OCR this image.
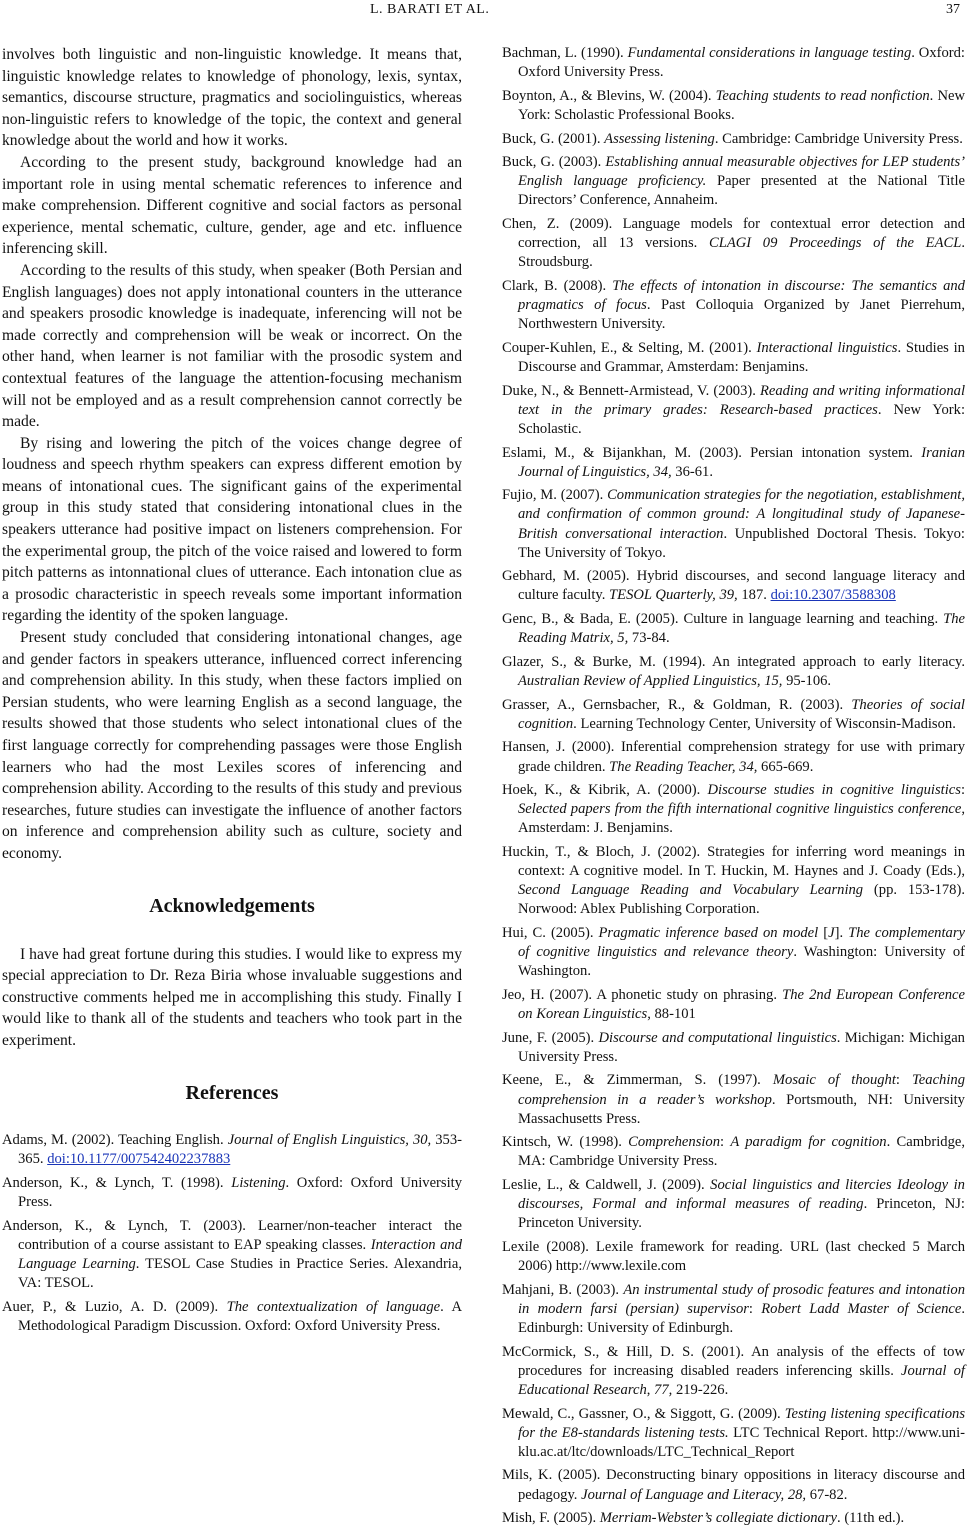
L. BARATI ET AL.	37

involves both linguistic and non-linguistic knowledge. It means that, linguistic knowledge relates to knowledge of phonology, lexis, syntax, semantics, discourse structure, pragmatics and sociolinguistics, whereas non-linguistic refers to knowledge of the topic, the context and general knowledge about the world and how it works.

According to the present study, background knowledge had an important role in using mental schematic references to inference and make comprehension. Different cognitive and social factors as personal experience, mental schematic, culture, gender, age and etc. influence inferencing skill.

According to the results of this study, when speaker (Both Persian and English languages) does not apply intonational counters in the utterance and speakers prosodic knowledge is inadequate, inferencing will not be made correctly and comprehension will be weak or incorrect. On the other hand, when learner is not familiar with the prosodic system and contextual features of the language the attention-focusing mechanism will not be employed and as a result comprehension cannot correctly be made.

By rising and lowering the pitch of the voices change degree of loudness and speech rhythm speakers can express different emotion by means of intonational cues. The significant gains of the experimental group in this study stated that considering intonational clues in the speakers utterance had positive impact on listeners comprehension. For the experimental group, the pitch of the voice raised and lowered to form pitch patterns as intonnational clues of utterance. Each intonation clue as a prosodic characteristic in speech reveals some important information regarding the identity of the spoken language.

Present study concluded that considering intonational changes, age and gender factors in speakers utterance, influenced correct inferencing and comprehension ability. In this study, when these factors implied on Persian students, who were learning English as a second language, the results showed that those students who select intonational clues of the first language correctly for comprehending passages were those English learners who had the most Lexiles scores of inferencing and comprehension ability. According to the results of this study and previous researches, future studies can investigate the influence of another factors on inference and comprehension ability such as culture, society and economy.

Acknowledgements

I have had great fortune during this studies. I would like to express my special appreciation to Dr. Reza Biria whose invaluable suggestions and constructive comments helped me in accomplishing this study. Finally I would like to thank all of the students and teachers who took part in the experiment.

References

Adams, M. (2002). Teaching English. Journal of English Linguistics, 30, 353-365. doi:10.1177/007542402237883

Anderson, K., & Lynch, T. (1998). Listening. Oxford: Oxford University Press.

Anderson, K., & Lynch, T. (2003). Learner/non-teacher interact the contribution of a course assistant to EAP speaking classes. Interaction and Language Learning. TESOL Case Studies in Practice Series. Alexandria, VA: TESOL.

Auer, P., & Luzio, A. D. (2009). The contextualization of language. A Methodological Paradigm Discussion. Oxford: Oxford University Press.

Bachman, L. (1990). Fundamental considerations in language testing. Oxford: Oxford University Press.

Boynton, A., & Blevins, W. (2004). Teaching students to read nonfiction. New York: Scholastic Professional Books.

Buck, G. (2001). Assessing listening. Cambridge: Cambridge University Press.

Buck, G. (2003). Establishing annual measurable objectives for LEP students’ English language proficiency. Paper presented at the National Title Directors’ Conference, Annaheim.

Chen, Z. (2009). Language models for contextual error detection and correction, all 13 versions. CLAGI 09 Proceedings of the EACL. Stroudsburg.

Clark, B. (2008). The effects of intonation in discourse: The semantics and pragmatics of focus. Past Colloquia Organized by Janet Pierrehum, Northwestern University.

Couper-Kuhlen, E., & Selting, M. (2001). Interactional linguistics. Studies in Discourse and Grammar, Amsterdam: Benjamins.

Duke, N., & Bennett-Armistead, V. (2003). Reading and writing informational text in the primary grades: Research-based practices. New York: Scholastic.

Eslami, M., & Bijankhan, M. (2003). Persian intonation system. Iranian Journal of Linguistics, 34, 36-61.

Fujio, M. (2007). Communication strategies for the negotiation, establishment, and confirmation of common ground: A longitudinal study of Japanese-British conversational interaction. Unpublished Doctoral Thesis. Tokyo: The University of Tokyo.

Gebhard, M. (2005). Hybrid discourses, and second language literacy and culture faculty. TESOL Quarterly, 39, 187. doi:10.2307/3588308

Genc, B., & Bada, E. (2005). Culture in language learning and teaching. The Reading Matrix, 5, 73-84.

Glazer, S., & Burke, M. (1994). An integrated approach to early literacy. Australian Review of Applied Linguistics, 15, 95-106.

Grasser, A., Gernsbacher, R., & Goldman, R. (2003). Theories of social cognition. Learning Technology Center, University of Wisconsin-Madison.

Hansen, J. (2000). Inferential comprehension strategy for use with primary grade children. The Reading Teacher, 34, 665-669.

Hoek, K., & Kibrik, A. (2000). Discourse studies in cognitive linguistics: Selected papers from the fifth international cognitive linguistics conference, Amsterdam: J. Benjamins.

Huckin, T., & Bloch, J. (2002). Strategies for inferring word meanings in context: A cognitive model. In T. Huckin, M. Haynes and J. Coady (Eds.), Second Language Reading and Vocabulary Learning (pp. 153-178). Norwood: Ablex Publishing Corporation.

Hui, C. (2005). Pragmatic inference based on model [J]. The complementary of cognitive linguistics and relevance theory. Washington: University of Washington.

Jeo, H. (2007). A phonetic study on phrasing. The 2nd European Conference on Korean Linguistics, 88-101

June, F. (2005). Discourse and computational linguistics. Michigan: Michigan University Press.

Keene, E., & Zimmerman, S. (1997). Mosaic of thought: Teaching comprehension in a reader’s workshop. Portsmouth, NH: University Massachusetts Press.

Kintsch, W. (1998). Comprehension: A paradigm for cognition. Cambridge, MA: Cambridge University Press.

Leslie, L., & Caldwell, J. (2009). Social linguistics and litercies Ideology in discourses, Formal and informal measures of reading. Princeton, NJ: Princeton University.

Lexile (2008). Lexile framework for reading. URL (last checked 5 March 2006) http://www.lexile.com

Mahjani, B. (2003). An instrumental study of prosodic features and intonation in modern farsi (persian) supervisor: Robert Ladd Master of Science. Edinburgh: University of Edinburgh.

McCormick, S., & Hill, D. S. (2001). An analysis of the effects of tow procedures for increasing disabled readers inferencing skills. Journal of Educational Research, 77, 219-226.

Mewald, C., Gassner, O., & Siggott, G. (2009). Testing listening specifications for the E8-standards listening tests. LTC Technical Report. http://www.uni-klu.ac.at/ltc/downloads/LTC_Technical_Report

Mils, K. (2005). Deconstructing binary oppositions in literacy discourse and pedagogy. Journal of Language and Literacy, 28, 67-82.

Mish, F. (2005). Merriam-Webster’s collegiate dictionary. (11th ed.).
